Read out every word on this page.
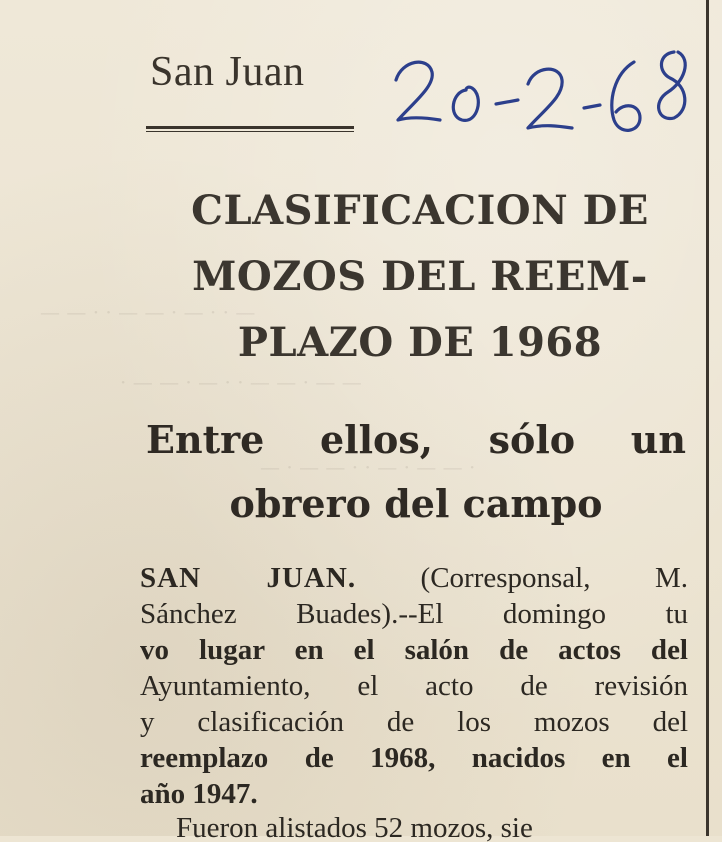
— — · · — — · — · · —
· — — · — · · — — · — —
— · — — · · — · — — ·
San Juan
CLASIFICACION DE
MOZOS DEL REEM-
PLAZO DE 1968
Entre ellos, sólo un
obrero del campo
SAN JUAN. (Corresponsal, M.
Sánchez Buades).--El domingo tu
vo lugar en el salón de actos del
Ayuntamiento, el acto de revisión
y clasificación de los mozos del
reemplazo de 1968, nacidos en el
año 1947.
Fueron alistados 52 mozos, sie
